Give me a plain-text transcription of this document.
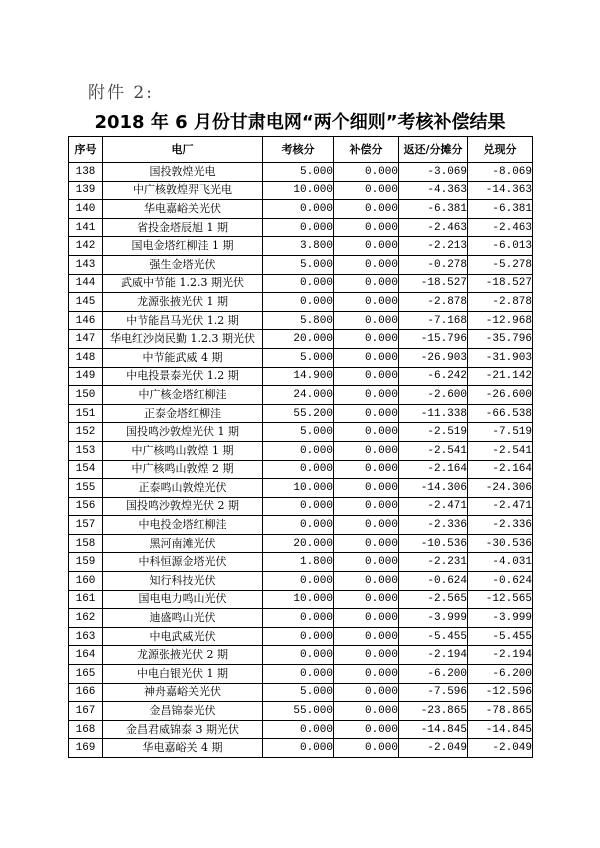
附件 2:
2018 年 6 月份甘肃电网“两个细则”考核补偿结果
序号	电厂	考核分	补偿分	返还/分摊分	兑现分
138	国投敦煌光电	5.000	0.000	-3.069	-8.069
139	中广核敦煌羿飞光电	10.000	0.000	-4.363	-14.363
140	华电嘉峪关光伏	0.000	0.000	-6.381	-6.381
141	省投金塔辰旭 1 期	0.000	0.000	-2.463	-2.463
142	国电金塔红柳洼 1 期	3.800	0.000	-2.213	-6.013
143	强生金塔光伏	5.000	0.000	-0.278	-5.278
144	武威中节能 1.2.3 期光伏	0.000	0.000	-18.527	-18.527
145	龙源张掖光伏 1 期	0.000	0.000	-2.878	-2.878
146	中节能昌马光伏 1.2 期	5.800	0.000	-7.168	-12.968
147	华电红沙岗民勤 1.2.3 期光伏	20.000	0.000	-15.796	-35.796
148	中节能武威 4 期	5.000	0.000	-26.903	-31.903
149	中电投景泰光伏 1.2 期	14.900	0.000	-6.242	-21.142
150	中广核金塔红柳洼	24.000	0.000	-2.600	-26.600
151	正泰金塔红柳洼	55.200	0.000	-11.338	-66.538
152	国投鸣沙敦煌光伏 1 期	5.000	0.000	-2.519	-7.519
153	中广核鸣山敦煌 1 期	0.000	0.000	-2.541	-2.541
154	中广核鸣山敦煌 2 期	0.000	0.000	-2.164	-2.164
155	正泰鸣山敦煌光伏	10.000	0.000	-14.306	-24.306
156	国投鸣沙敦煌光伏 2 期	0.000	0.000	-2.471	-2.471
157	中电投金塔红柳洼	0.000	0.000	-2.336	-2.336
158	黑河南滩光伏	20.000	0.000	-10.536	-30.536
159	中科恒源金塔光伏	1.800	0.000	-2.231	-4.031
160	知行科技光伏	0.000	0.000	-0.624	-0.624
161	国电电力鸣山光伏	10.000	0.000	-2.565	-12.565
162	迪盛鸣山光伏	0.000	0.000	-3.999	-3.999
163	中电武威光伏	0.000	0.000	-5.455	-5.455
164	龙源张掖光伏 2 期	0.000	0.000	-2.194	-2.194
165	中电白银光伏 1 期	0.000	0.000	-6.200	-6.200
166	神舟嘉峪关光伏	5.000	0.000	-7.596	-12.596
167	金昌锦泰光伏	55.000	0.000	-23.865	-78.865
168	金昌君威锦泰 3 期光伏	0.000	0.000	-14.845	-14.845
169	华电嘉峪关 4 期	0.000	0.000	-2.049	-2.049
